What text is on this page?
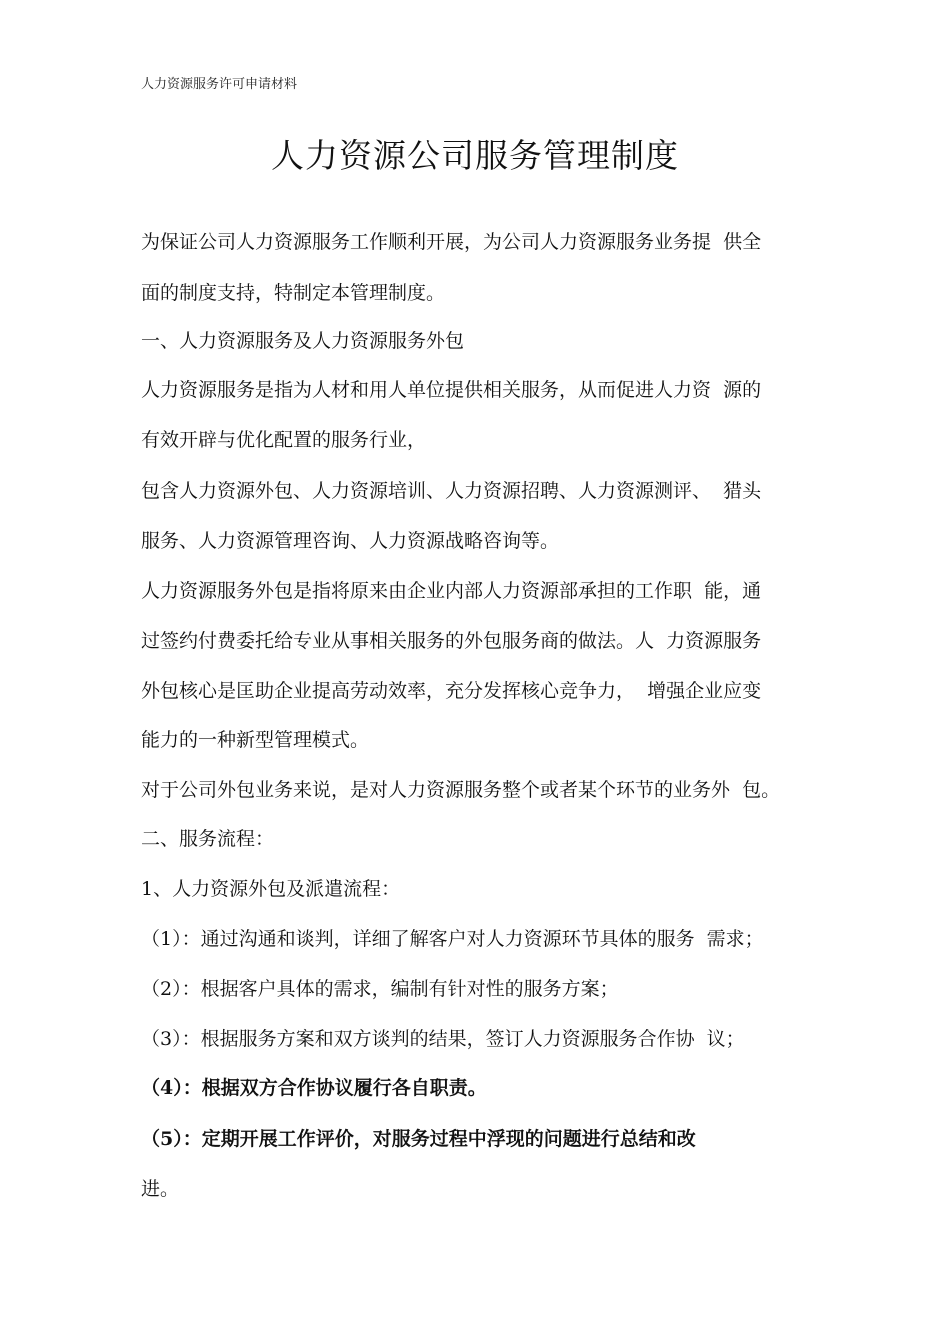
人力资源服务许可申请材料
人力资源公司服务管理制度
为保证公司人力资源服务工作顺利开展，为公司人力资源服务业务提  供全
面的制度支持，特制定本管理制度。
一、人力资源服务及人力资源服务外包
人力资源服务是指为人材和用人单位提供相关服务，从而促进人力资  源的
有效开辟与优化配置的服务行业，
包含人力资源外包、人力资源培训、人力资源招聘、人力资源测评、  猎头
服务、人力资源管理咨询、人力资源战略咨询等。
人力资源服务外包是指将原来由企业内部人力资源部承担的工作职  能，通
过签约付费委托给专业从事相关服务的外包服务商的做法。人  力资源服务
外包核心是匡助企业提高劳动效率，充分发挥核心竞争力，  增强企业应变
能力的一种新型管理模式。
对于公司外包业务来说，是对人力资源服务整个或者某个环节的业务外  包。
二、服务流程：
1、人力资源外包及派遣流程：
（1）：通过沟通和谈判，详细了解客户对人力资源环节具体的服务  需求；
（2）：根据客户具体的需求，编制有针对性的服务方案；
（3）：根据服务方案和双方谈判的结果，签订人力资源服务合作协  议；
（4）：根据双方合作协议履行各自职责。
（5）：定期开展工作评价，对服务过程中浮现的问题进行总结和改
进。
